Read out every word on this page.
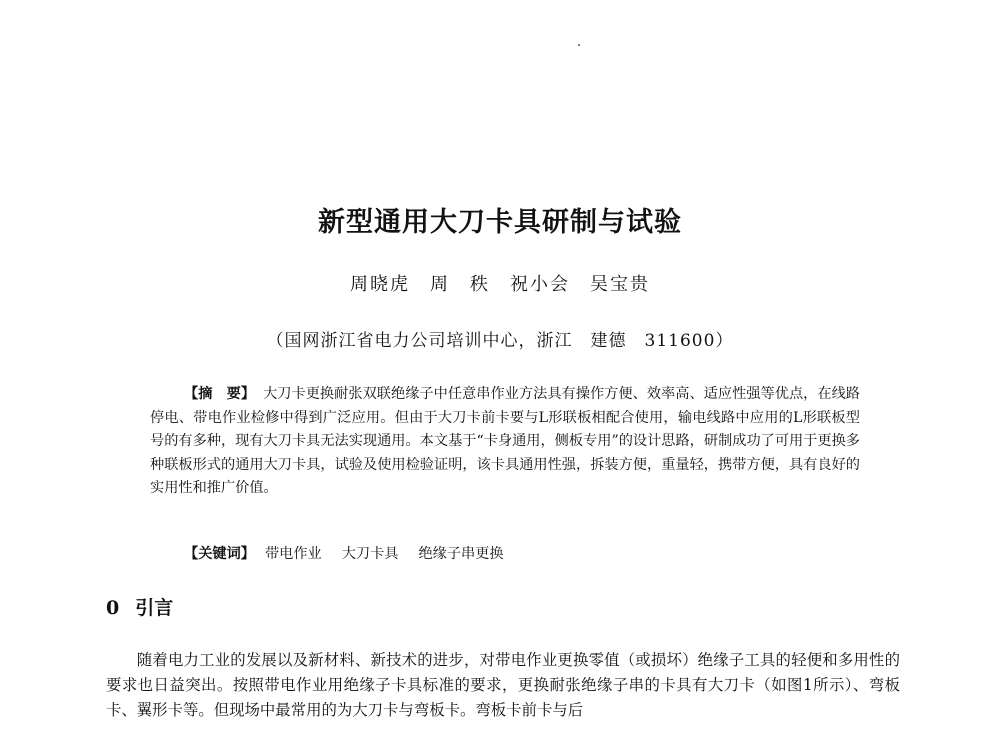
新型通用大刀卡具研制与试验

周晓虎　周　秩　祝小会　吴宝贵

（国网浙江省电力公司培训中心，浙江　建德　311600）

【摘　要】 大刀卡更换耐张双联绝缘子中任意串作业方法具有操作方便、效率高、适应性强等优点，在线路停电、带电作业检修中得到广泛应用。但由于大刀卡前卡要与L形联板相配合使用，输电线路中应用的L形联板型号的有多种，现有大刀卡具无法实现通用。本文基于“卡身通用，侧板专用”的设计思路，研制成功了可用于更换多种联板形式的通用大刀卡具，试验及使用检验证明，该卡具通用性强，拆装方便，重量轻，携带方便，具有良好的实用性和推广价值。

【关键词】 带电作业 大刀卡具 绝缘子串更换

0 引言

随着电力工业的发展以及新材料、新技术的进步，对带电作业更换零值（或损坏）绝缘子工具的轻便和多用性的要求也日益突出。按照带电作业用绝缘子卡具标准的要求，更换耐张绝缘子串的卡具有大刀卡（如图1所示）、弯板卡、翼形卡等。但现场中最常用的为大刀卡与弯板卡。弯板卡前卡与后
